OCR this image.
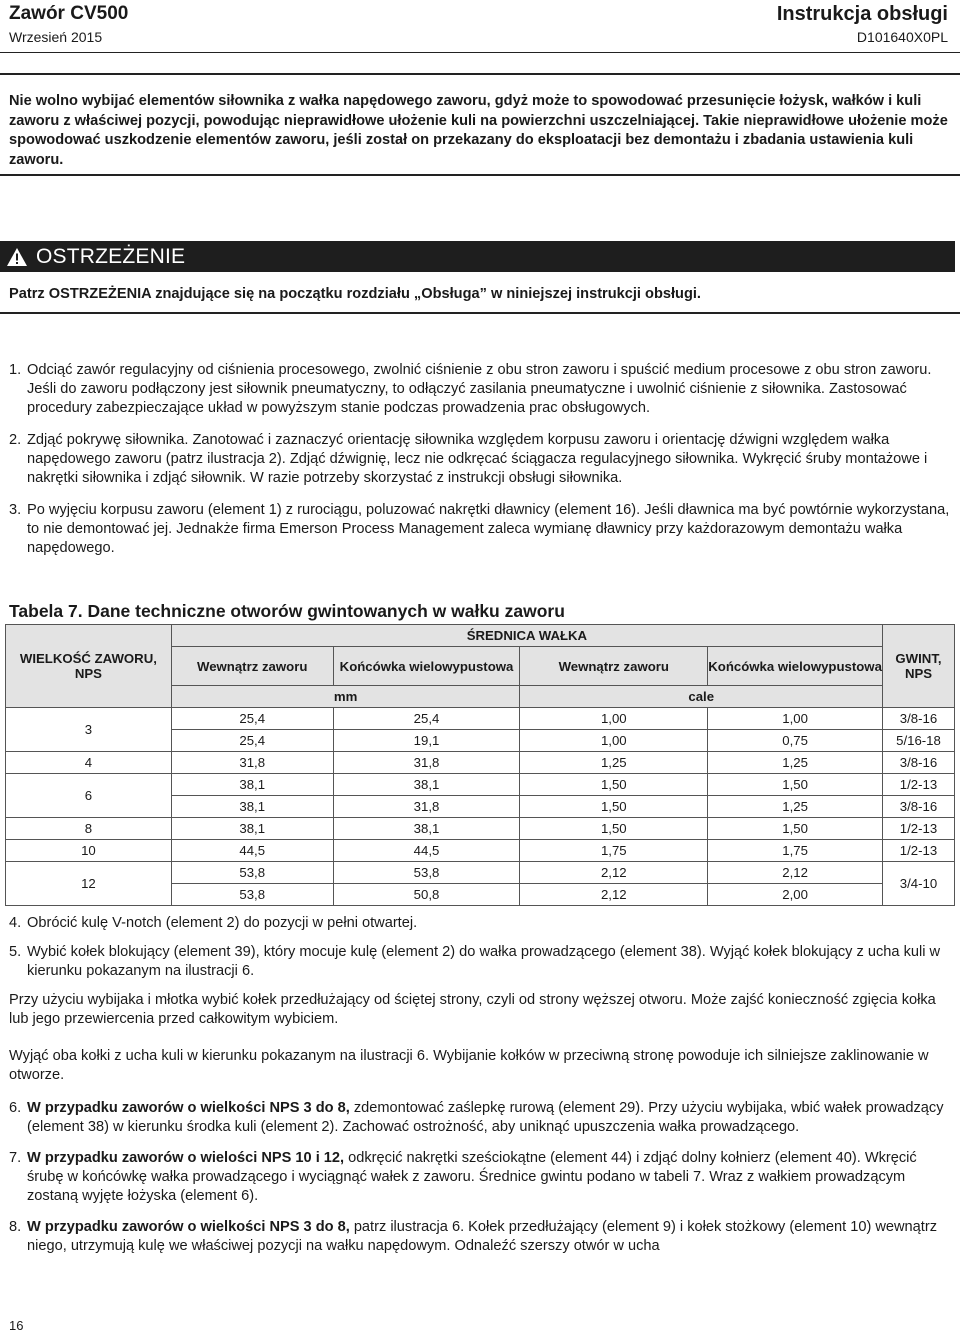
Zawór CV500
Wrzesień 2015
Instrukcja obsługi
D101640X0PL
Nie wolno wybijać elementów siłownika z wałka napędowego zaworu, gdyż może to spowodować przesunięcie łożysk, wałków i kuli zaworu z właściwej pozycji, powodując nieprawidłowe ułożenie kuli na powierzchni uszczelniającej. Takie nieprawidłowe ułożenie może spowodować uszkodzenie elementów zaworu, jeśli został on przekazany do eksploatacji bez demontażu i zbadania ustawienia kuli zaworu.
OSTRZEŻENIE
Patrz OSTRZEŻENIA znajdujące się na początku rozdziału „Obsługa” w niniejszej instrukcji obsługi.
1. Odciąć zawór regulacyjny od ciśnienia procesowego, zwolnić ciśnienie z obu stron zaworu i spuścić medium procesowe z obu stron zaworu. Jeśli do zaworu podłączony jest siłownik pneumatyczny, to odłączyć zasilania pneumatyczne i uwolnić ciśnienie z siłownika. Zastosować procedury zabezpieczające układ w powyższym stanie podczas prowadzenia prac obsługowych.
2. Zdjąć pokrywę siłownika. Zanotować i zaznaczyć orientację siłownika względem korpusu zaworu i orientację dźwigni względem wałka napędowego zaworu (patrz ilustracja 2). Zdjąć dźwignię, lecz nie odkręcać ściągacza regulacyjnego siłownika. Wykręcić śruby montażowe i nakrętki siłownika i zdjąć siłownik. W razie potrzeby skorzystać z instrukcji obsługi siłownika.
3. Po wyjęciu korpusu zaworu (element 1) z rurociągu, poluzować nakrętki dławnicy (element 16). Jeśli dławnica ma być powtórnie wykorzystana, to nie demontować jej. Jednakże firma Emerson Process Management zaleca wymianę dławnicy przy każdorazowym demontażu wałka napędowego.
Tabela 7. Dane techniczne otworów gwintowanych w wałku zaworu
WIELKOŚĆ ZAWORU, NPS	ŚREDNICA WAŁKA				GWINT, NPS
	Wewnątrz zaworu	Końcówka wielowypustowa	Wewnątrz zaworu	Końcówka wielowypustowa	
	mm		cale		
3	25,4	25,4	1,00	1,00	3/8-16
	25,4	19,1	1,00	0,75	5/16-18
4	31,8	31,8	1,25	1,25	3/8-16
6	38,1	38,1	1,50	1,50	1/2-13
	38,1	31,8	1,50	1,25	3/8-16
8	38,1	38,1	1,50	1,50	1/2-13
10	44,5	44,5	1,75	1,75	1/2-13
12	53,8	53,8	2,12	2,12	3/4-10
	53,8	50,8	2,12	2,00	
4. Obrócić kulę V-notch (element 2) do pozycji w pełni otwartej.
5. Wybić kołek blokujący (element 39), który mocuje kulę (element 2) do wałka prowadzącego (element 38). Wyjąć kołek blokujący z ucha kuli w kierunku pokazanym na ilustracji 6.
Przy użyciu wybijaka i młotka wybić kołek przedłużający od ściętej strony, czyli od strony węższej otworu. Może zajść konieczność zgięcia kołka lub jego przewiercenia przed całkowitym wybiciem.
Wyjąć oba kołki z ucha kuli w kierunku pokazanym na ilustracji 6. Wybijanie kołków w przeciwną stronę powoduje ich silniejsze zaklinowanie w otworze.
6. W przypadku zaworów o wielkości NPS 3 do 8, zdemontować zaślepkę rurową (element 29). Przy użyciu wybijaka, wbić wałek prowadzący (element 38) w kierunku środka kuli (element 2). Zachować ostrożność, aby uniknąć upuszczenia wałka prowadzącego.
7. W przypadku zaworów o wielości NPS 10 i 12, odkręcić nakrętki sześciokątne (element 44) i zdjąć dolny kołnierz (element 40). Wkręcić śrubę w końcówkę wałka prowadzącego i wyciągnąć wałek z zaworu. Średnice gwintu podano w tabeli 7. Wraz z wałkiem prowadzącym zostaną wyjęte łożyska (element 6).
8. W przypadku zaworów o wielkości NPS 3 do 8, patrz ilustracja 6. Kołek przedłużający (element 9) i kołek stożkowy (element 10) wewnątrz niego, utrzymują kulę we właściwej pozycji na wałku napędowym. Odnaleźć szerszy otwór w ucha
16
